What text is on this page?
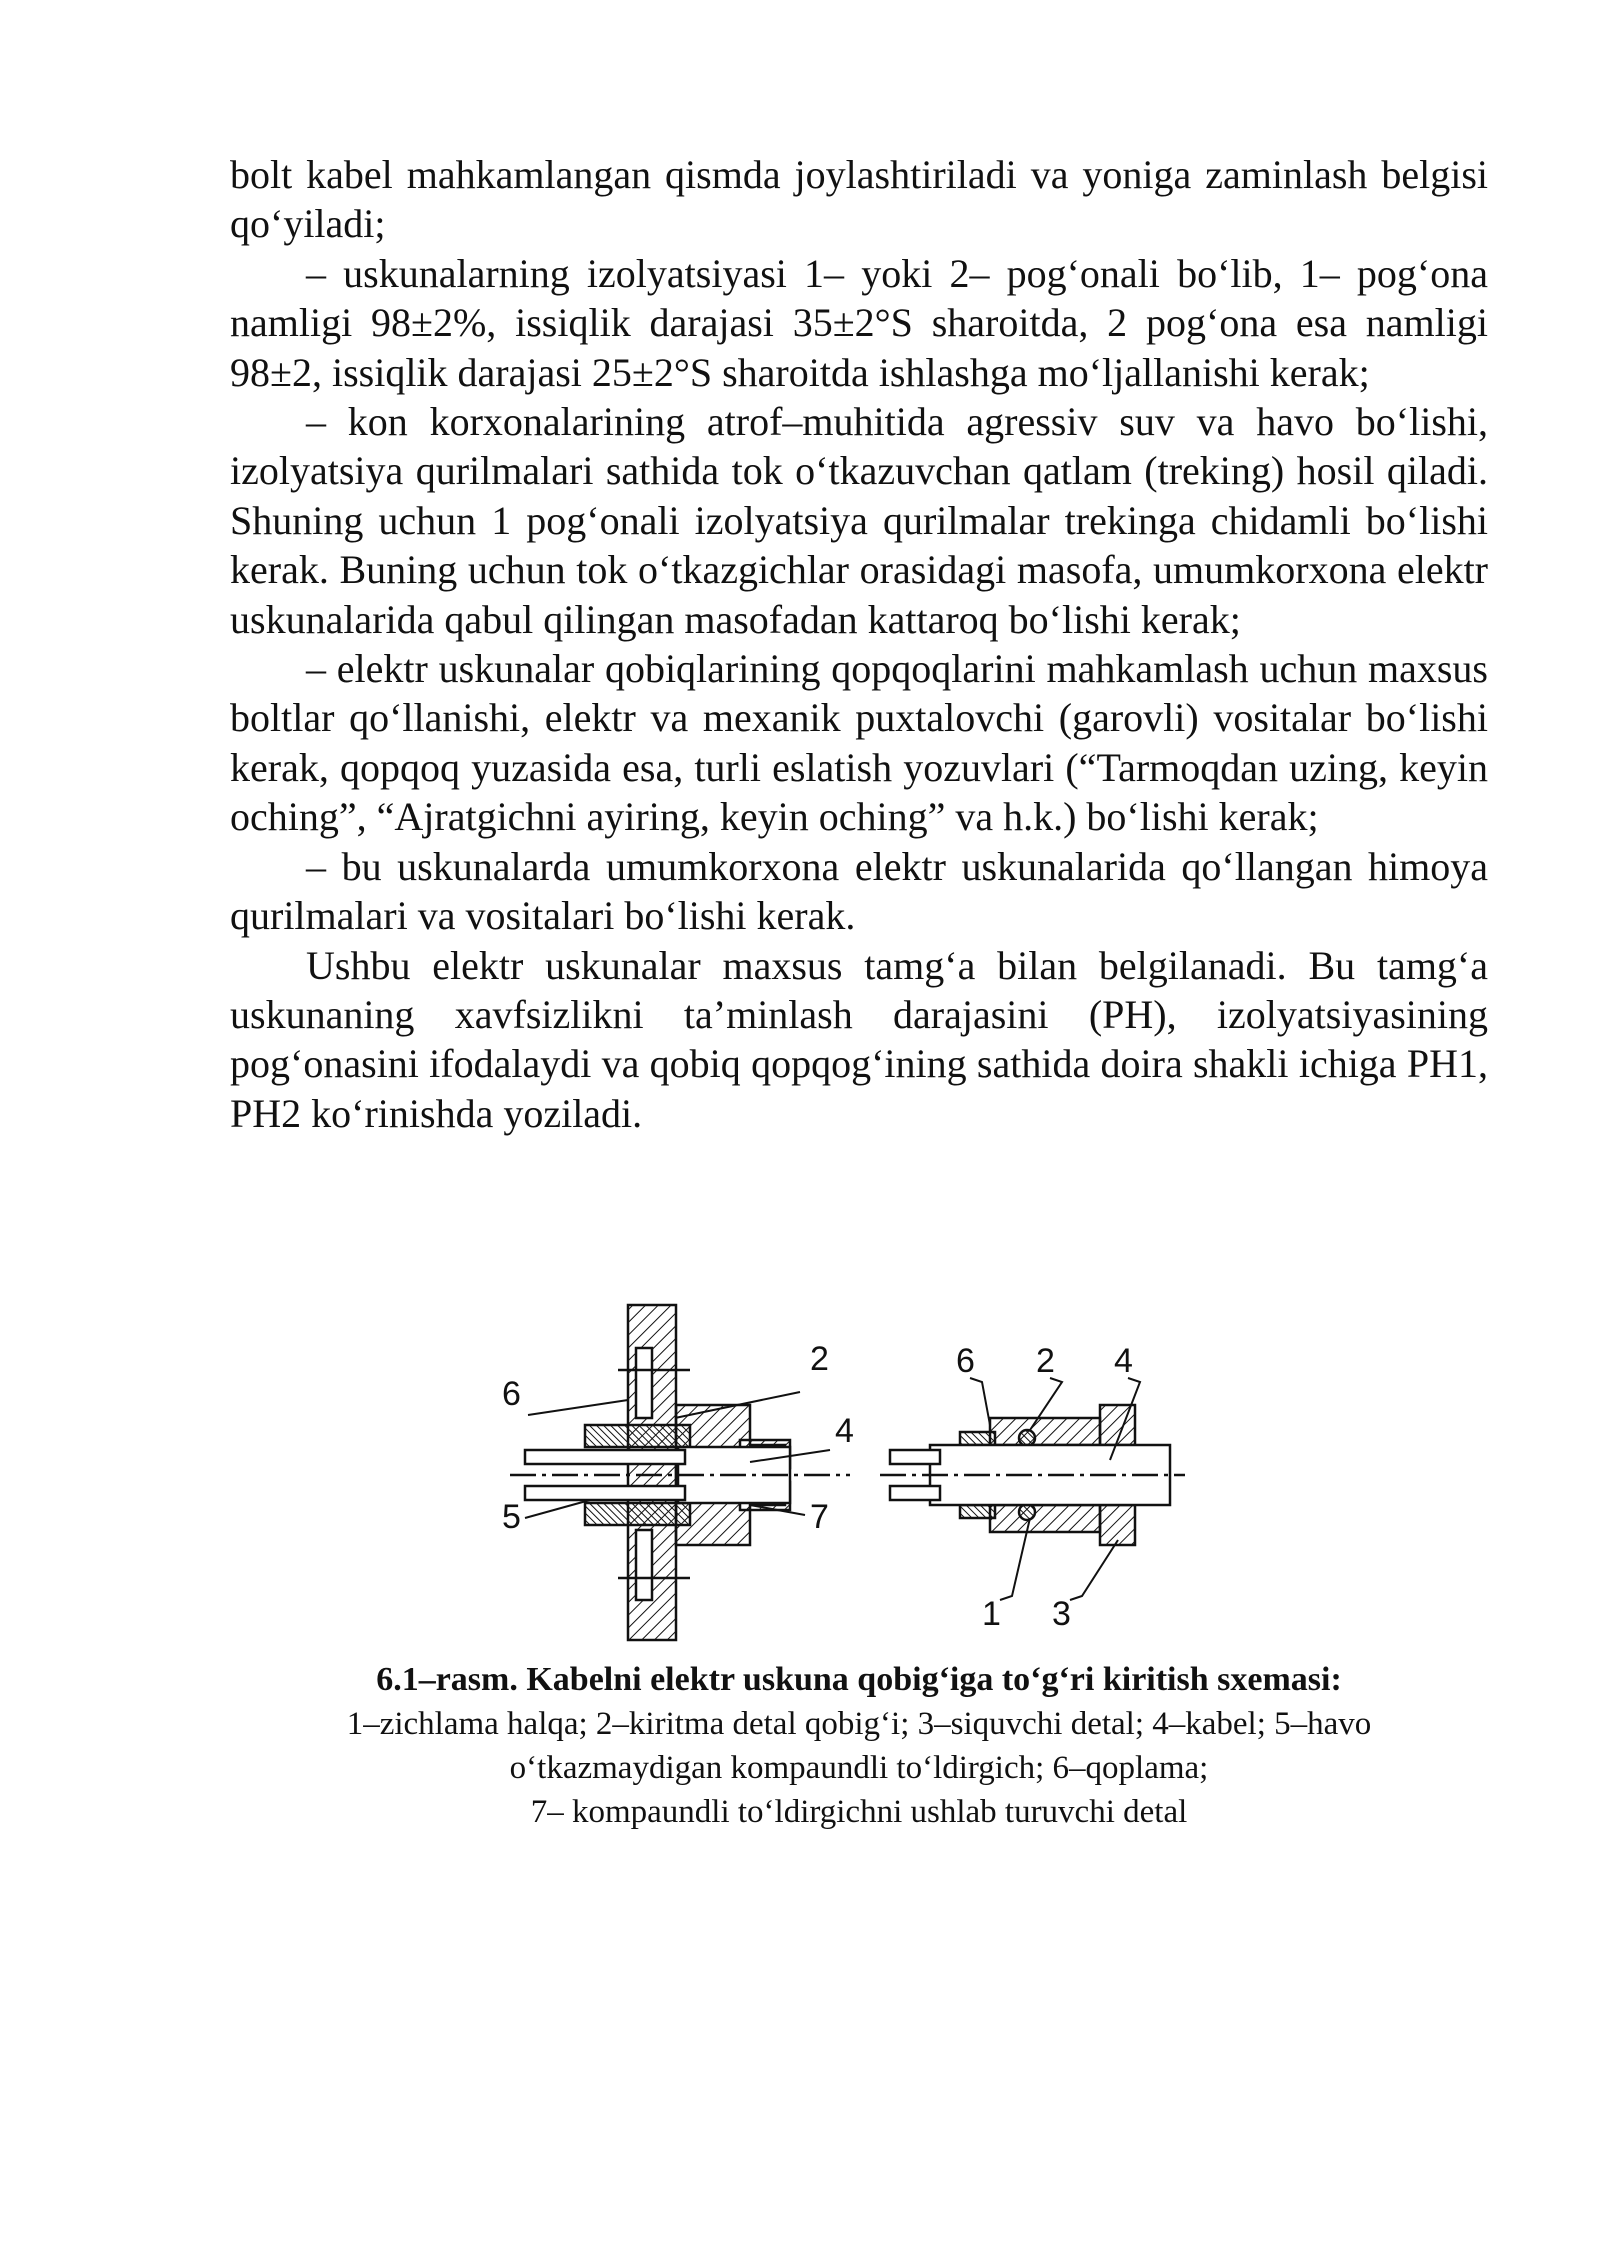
bolt kabel mahkamlangan qismda joylashtiriladi va yoniga zaminlash belgisi qo‘yiladi;

– uskunalarning izolyatsiyasi 1– yoki 2– pog‘onali bo‘lib, 1– pog‘ona namligi 98±2%, issiqlik darajasi 35±2°S sharoitda, 2 pog‘ona esa namligi 98±2, issiqlik darajasi 25±2°S sharoitda ishlashga mo‘ljallanishi kerak;

– kon korxonalarining atrof–muhitida agressiv suv va havo bo‘lishi, izolyatsiya qurilmalari sathida tok o‘tkazuvchan qatlam (treking) hosil qiladi. Shuning uchun 1 pog‘onali izolyatsiya qurilmalar trekinga chidamli bo‘lishi kerak. Buning uchun tok o‘tkazgichlar orasidagi masofa, umumkorxona elektr uskunalarida qabul qilingan masofadan kattaroq bo‘lishi kerak;

– elektr uskunalar qobiqlarining qopqoqlarini mahkamlash uchun maxsus boltlar qo‘llanishi, elektr va mexanik puxtalovchi (garovli) vositalar bo‘lishi kerak, qopqoq yuzasida esa, turli eslatish yozuvlari (“Tarmoqdan uzing, keyin oching”, “Ajratgichni ayiring, keyin oching” va h.k.) bo‘lishi kerak;

– bu uskunalarda umumkorxona elektr uskunalarida qo‘llangan himoya qurilmalari va vositalari bo‘lishi kerak.

Ushbu elektr uskunalar maxsus tamg‘a bilan belgilanadi. Bu tamg‘a uskunaning xavfsizlikni ta’minlash darajasini (PH), izolyatsiyasining pog‘onasini ifodalaydi va qobiq qopqog‘ining sathida doira shakli ichiga PH1, PH2 ko‘rinishda yoziladi.

6
2
4
5	7
6 2 4
1 3
6.1–rasm. Kabelni elektr uskuna qobig‘iga to‘g‘ri kiritish sxemasi:
1–zichlama halqa; 2–kiritma detal qobig‘i; 3–siquvchi detal; 4–kabel; 5–havo
o‘tkazmaydigan kompaundli to‘ldirgich; 6–qoplama;
7– kompaundli to‘ldirgichni ushlab turuvchi detal
